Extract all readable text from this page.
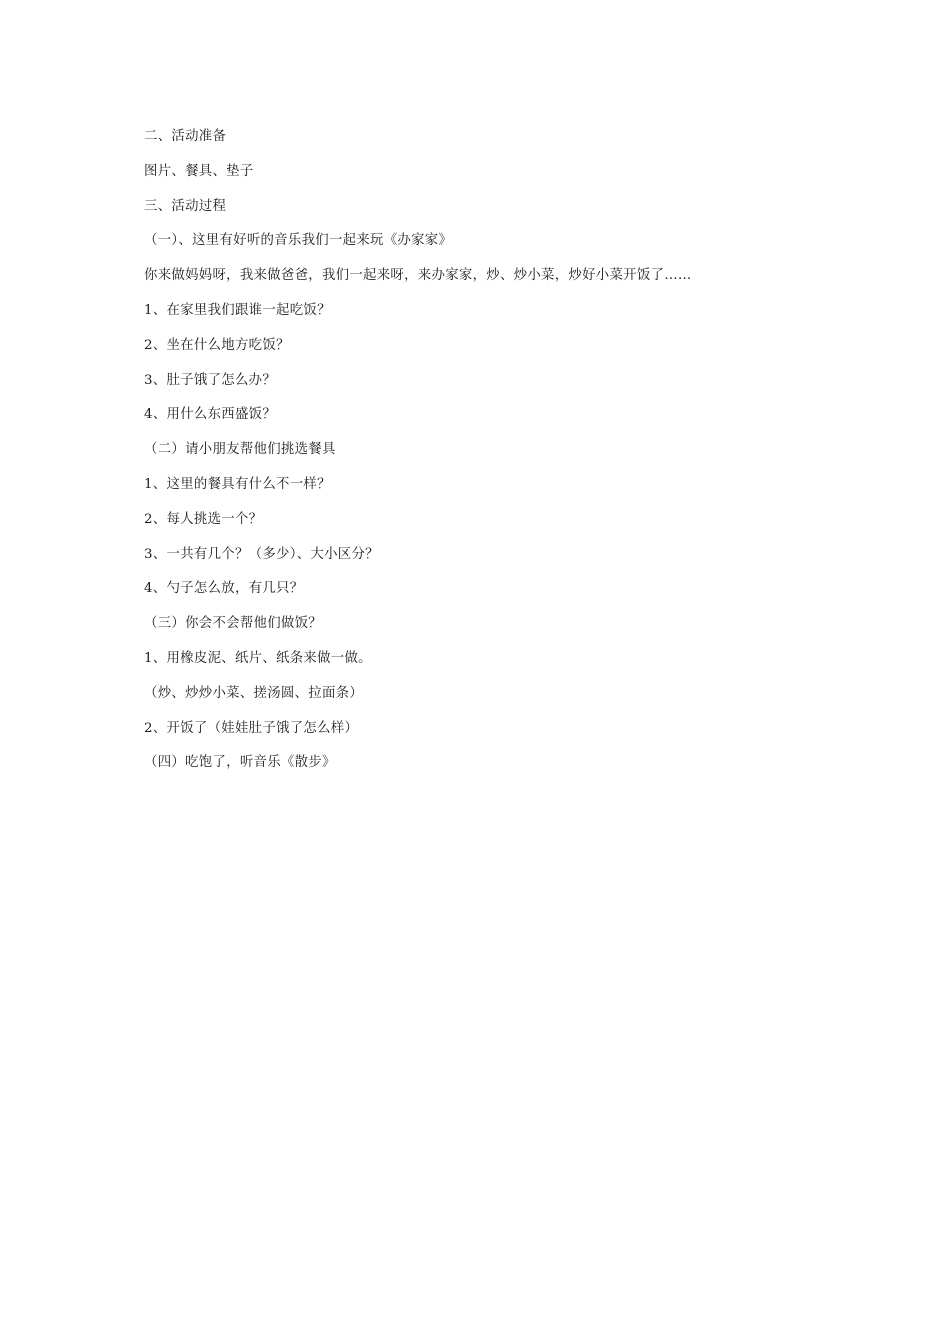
二、活动准备
图片、餐具、垫子
三、活动过程
（一）、这里有好听的音乐我们一起来玩《办家家》
你来做妈妈呀，我来做爸爸，我们一起来呀，来办家家，炒、炒小菜，炒好小菜开饭了……
1、在家里我们跟谁一起吃饭？
2、坐在什么地方吃饭？
3、肚子饿了怎么办？
4、用什么东西盛饭？
（二）请小朋友帮他们挑选餐具
1、这里的餐具有什么不一样？
2、每人挑选一个？
3、一共有几个？（多少）、大小区分？
4、勺子怎么放，有几只？
（三）你会不会帮他们做饭？
1、用橡皮泥、纸片、纸条来做一做。
（炒、炒炒小菜、搓汤圆、拉面条）
2、开饭了（娃娃肚子饿了怎么样）
（四）吃饱了，听音乐《散步》
